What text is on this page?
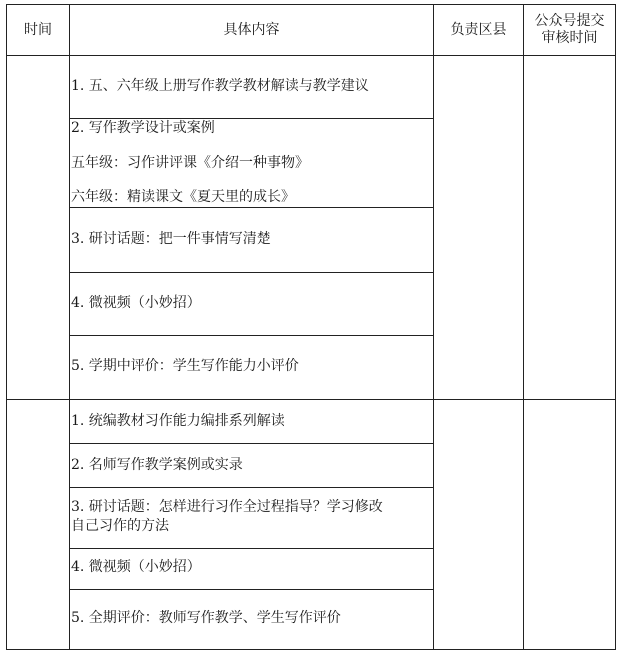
时间	具体内容	负责区县
公众号提交
审核时间
1. 五、六年级上册写作教学教材解读与教学建议
2. 写作教学设计或案例
五年级：习作讲评课《介绍一种事物》
六年级：精读课文《夏天里的成长》
3. 研讨话题：把一件事情写清楚
4. 微视频（小妙招）
5. 学期中评价：学生写作能力小评价
1. 统编教材习作能力编排系列解读
2. 名师写作教学案例或实录
3. 研讨话题：怎样进行习作全过程指导？学习修改
自己习作的方法
4. 微视频（小妙招）
5. 全期评价：教师写作教学、学生写作评价
